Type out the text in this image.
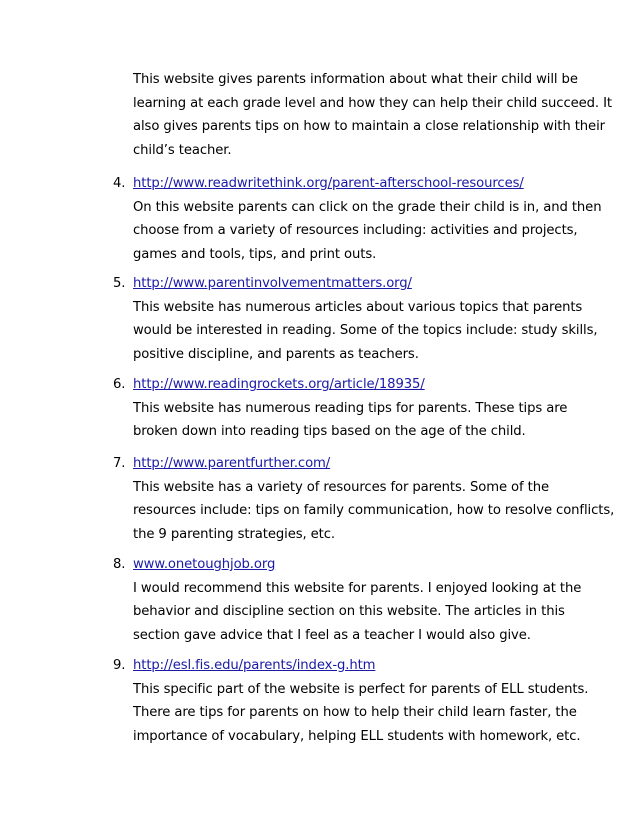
This website gives parents information about what their child will be
learning at each grade level and how they can help their child succeed. It
also gives parents tips on how to maintain a close relationship with their
child’s teacher.
4. http://www.readwritethink.org/parent-afterschool-resources/
On this website parents can click on the grade their child is in, and then
choose from a variety of resources including: activities and projects,
games and tools, tips, and print outs.
5. http://www.parentinvolvementmatters.org/
This website has numerous articles about various topics that parents
would be interested in reading. Some of the topics include: study skills,
positive discipline, and parents as teachers.
6. http://www.readingrockets.org/article/18935/
This website has numerous reading tips for parents. These tips are
broken down into reading tips based on the age of the child.
7. http://www.parentfurther.com/
This website has a variety of resources for parents. Some of the
resources include: tips on family communication, how to resolve conflicts,
the 9 parenting strategies, etc.
8. www.onetoughjob.org
I would recommend this website for parents. I enjoyed looking at the
behavior and discipline section on this website. The articles in this
section gave advice that I feel as a teacher I would also give.
9. http://esl.fis.edu/parents/index-g.htm
This specific part of the website is perfect for parents of ELL students.
There are tips for parents on how to help their child learn faster, the
importance of vocabulary, helping ELL students with homework, etc.
